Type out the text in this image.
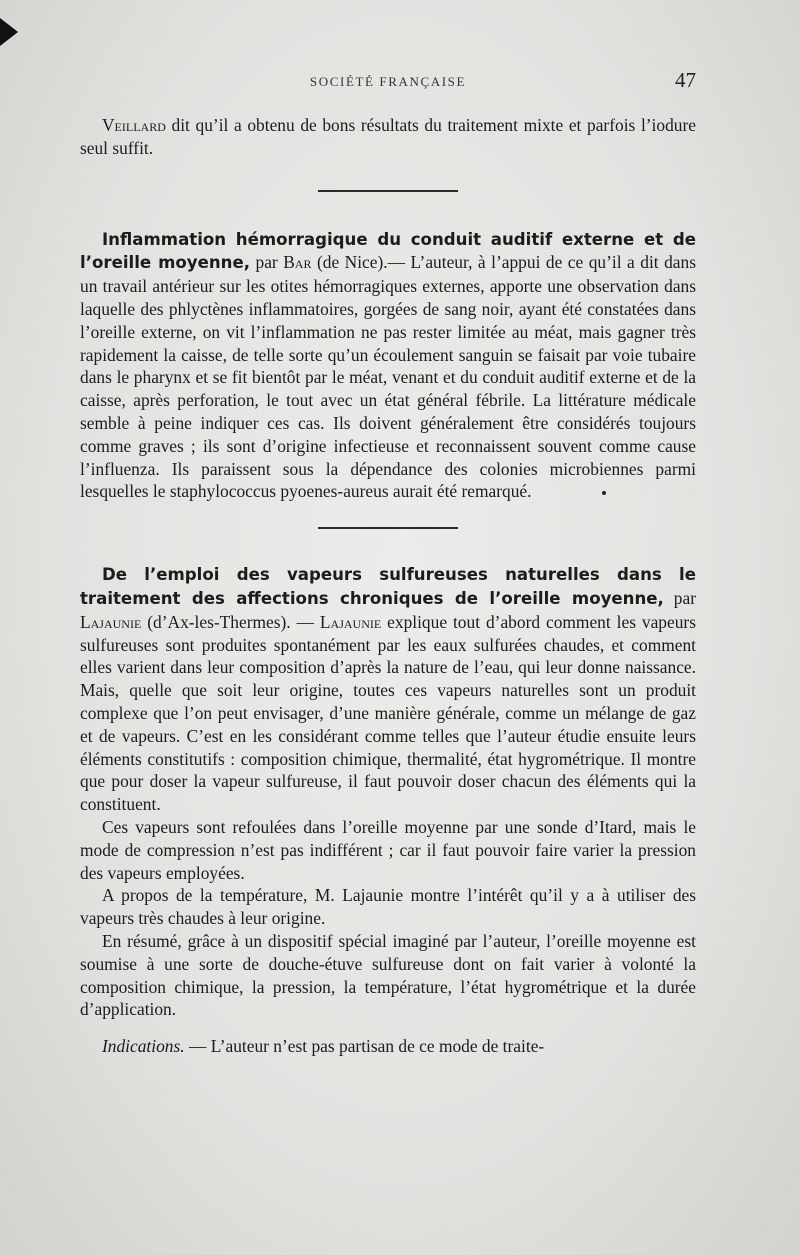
SOCIÉTÉ FRANÇAISE	47

Veillard dit qu’il a obtenu de bons résultats du traitement mixte et parfois l’iodure seul suffit.

Inflammation hémorragique du conduit auditif externe et de l’oreille moyenne, par Bar (de Nice).— L’auteur, à l’appui de ce qu’il a dit dans un travail antérieur sur les otites hémorragiques externes, apporte une observation dans laquelle des phlyctènes inflammatoires, gorgées de sang noir, ayant été constatées dans l’oreille externe, on vit l’inflammation ne pas rester limitée au méat, mais gagner très rapidement la caisse, de telle sorte qu’un écoulement sanguin se faisait par voie tubaire dans le pharynx et se fit bientôt par le méat, venant et du conduit auditif externe et de la caisse, après perforation, le tout avec un état général fébrile. La littérature médicale semble à peine indiquer ces cas. Ils doivent généralement être considérés toujours comme graves ; ils sont d’origine infectieuse et reconnaissent souvent comme cause l’influenza. Ils paraissent sous la dépendance des colonies microbiennes parmi lesquelles le staphylococcus pyoenes-aureus aurait été remarqué.

De l’emploi des vapeurs sulfureuses naturelles dans le traitement des affections chroniques de l’oreille moyenne, par Lajaunie (d’Ax-les-Thermes). — Lajaunie explique tout d’abord comment les vapeurs sulfureuses sont produites spontanément par les eaux sulfurées chaudes, et comment elles varient dans leur composition d’après la nature de l’eau, qui leur donne naissance. Mais, quelle que soit leur origine, toutes ces vapeurs naturelles sont un produit complexe que l’on peut envisager, d’une manière générale, comme un mélange de gaz et de vapeurs. C’est en les considérant comme telles que l’auteur étudie ensuite leurs éléments constitutifs : composition chimique, thermalité, état hygrométrique. Il montre que pour doser la vapeur sulfureuse, il faut pouvoir doser chacun des éléments qui la constituent.

Ces vapeurs sont refoulées dans l’oreille moyenne par une sonde d’Itard, mais le mode de compression n’est pas indifférent ; car il faut pouvoir faire varier la pression des vapeurs employées.

A propos de la température, M. Lajaunie montre l’intérêt qu’il y a à utiliser des vapeurs très chaudes à leur origine.

En résumé, grâce à un dispositif spécial imaginé par l’auteur, l’oreille moyenne est soumise à une sorte de douche-étuve sulfureuse dont on fait varier à volonté la composition chimique, la pression, la température, l’état hygrométrique et la durée d’application.

Indications. — L’auteur n’est pas partisan de ce mode de traite-
